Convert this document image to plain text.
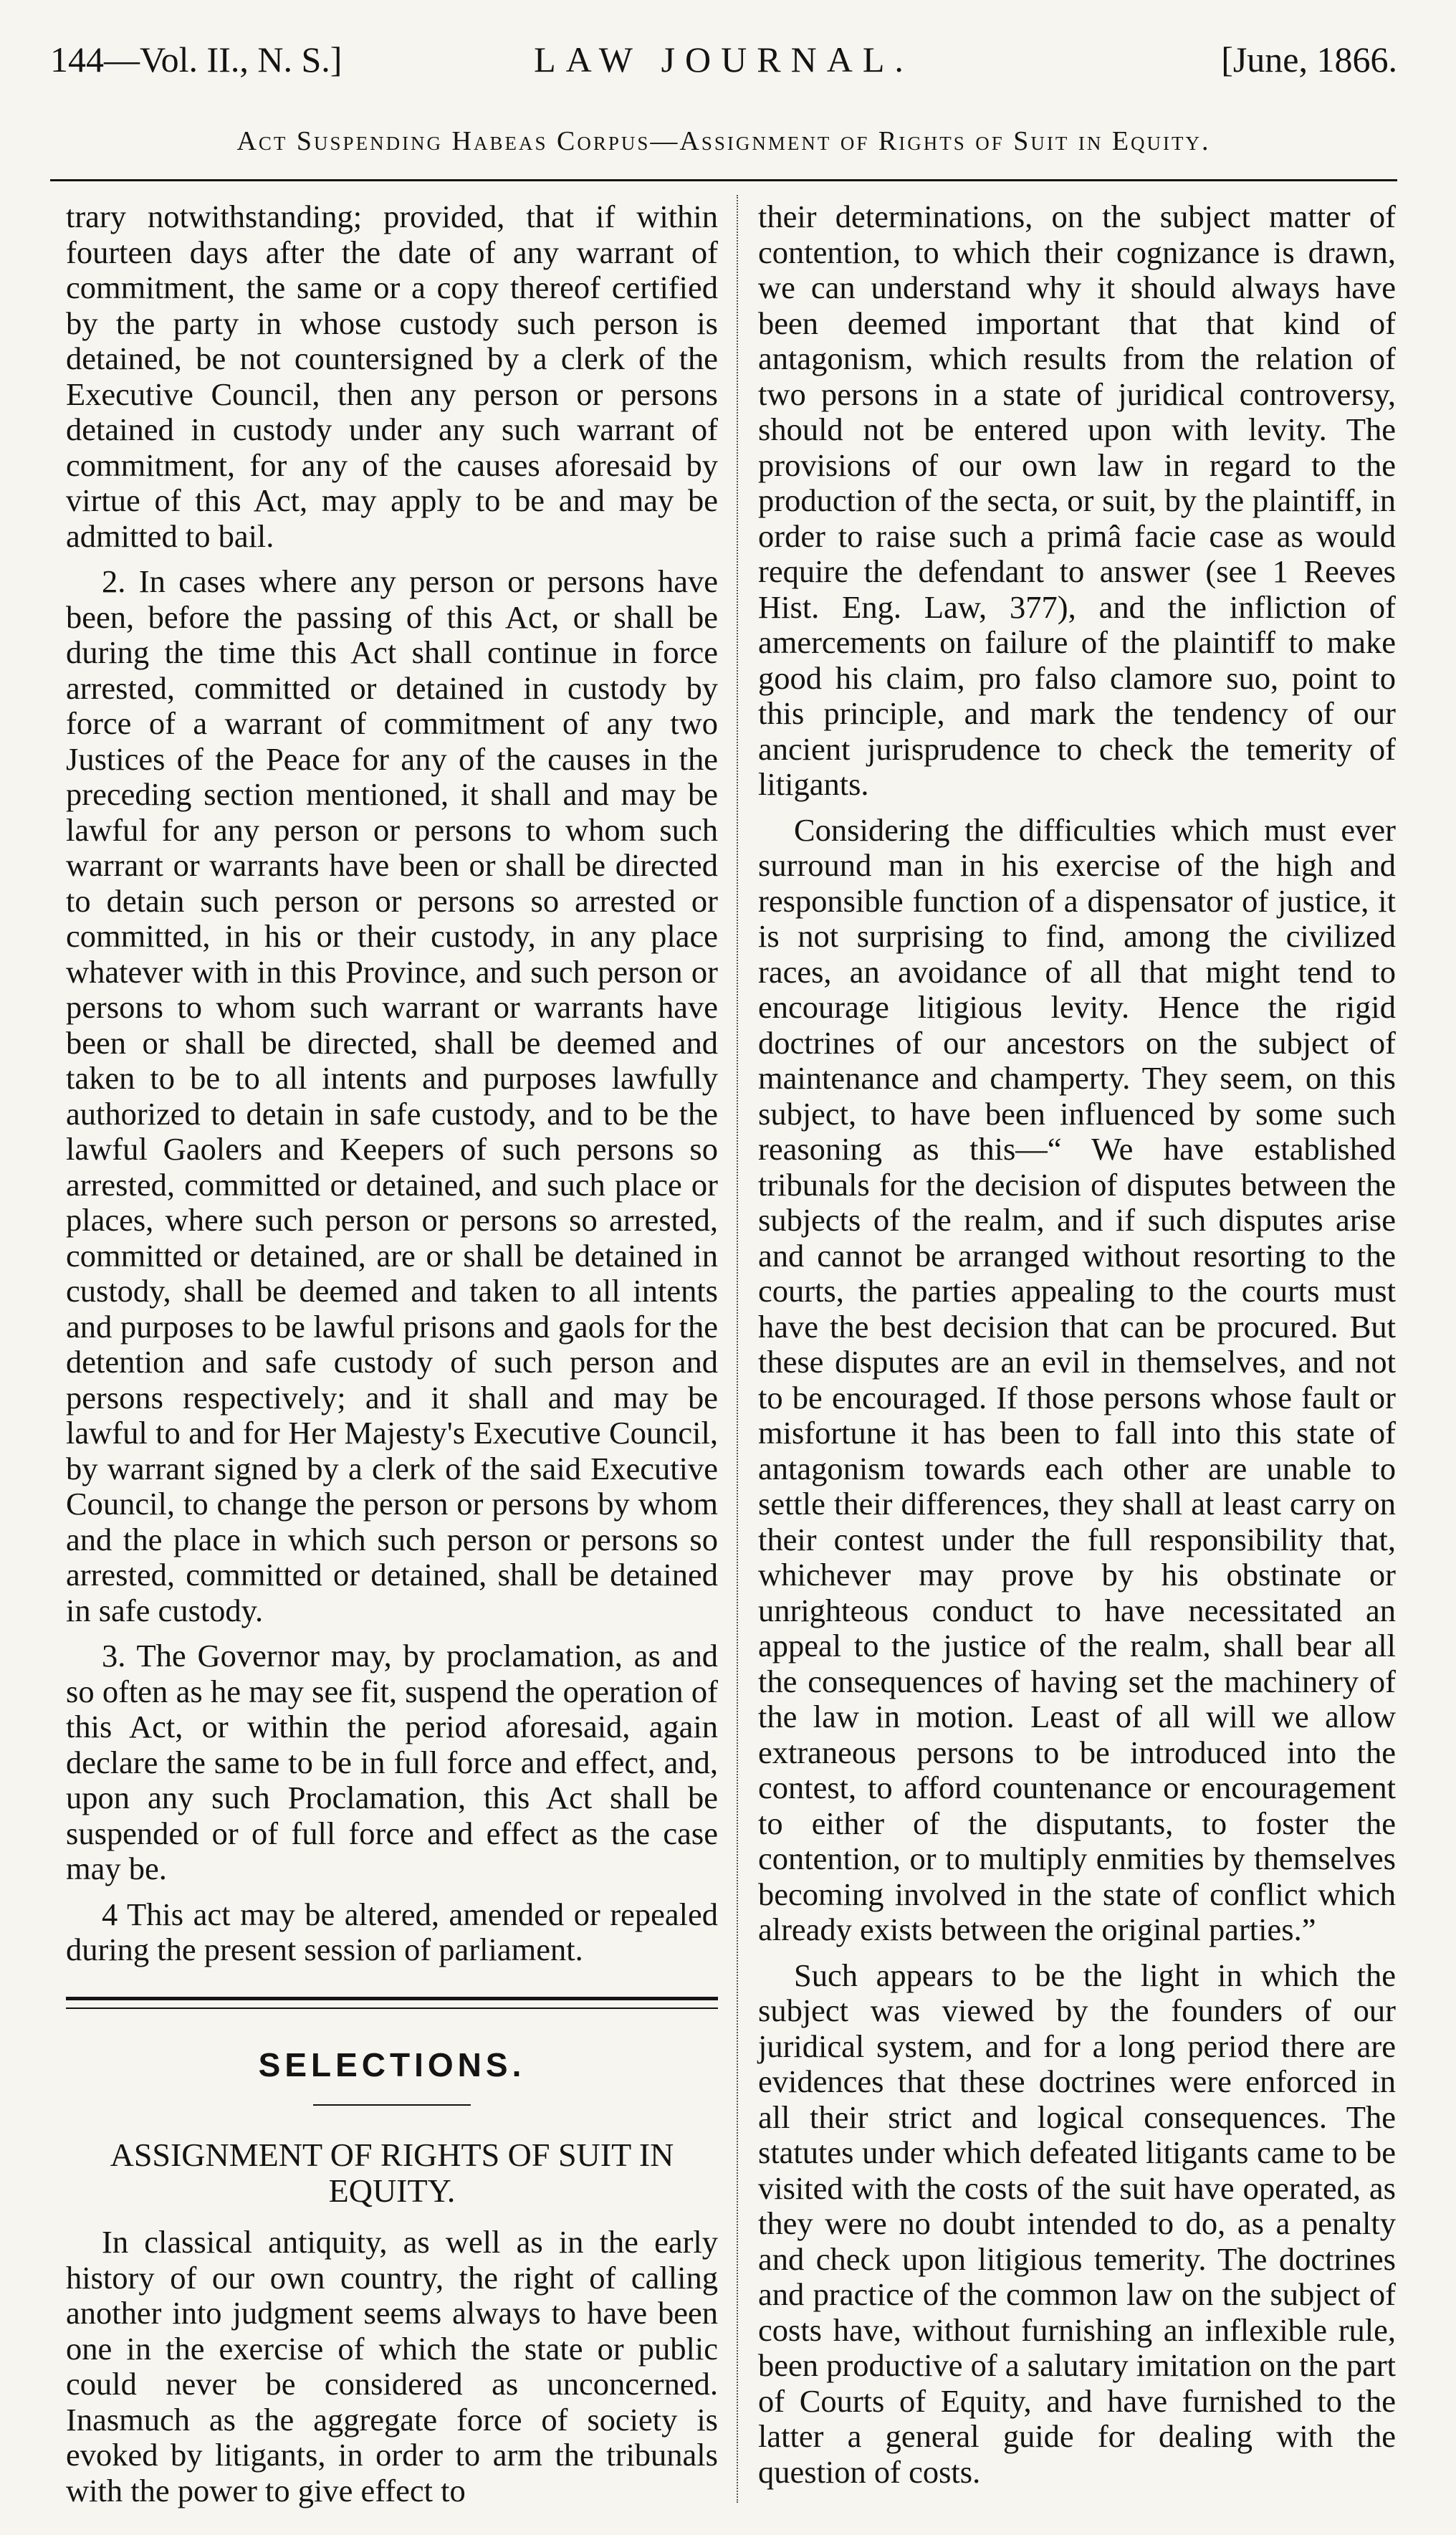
144—Vol. II., N. S.]	LAW JOURNAL.	[June, 1866.
Act Suspending Habeas Corpus—Assignment of Rights of Suit in Equity.

trary notwithstanding; provided, that if within fourteen days after the date of any warrant of commitment, the same or a copy thereof certified by the party in whose custody such person is detained, be not countersigned by a clerk of the Executive Council, then any person or persons detained in custody under any such warrant of commitment, for any of the causes aforesaid by virtue of this Act, may apply to be and may be admitted to bail.

2. In cases where any person or persons have been, before the passing of this Act, or shall be during the time this Act shall continue in force arrested, committed or detained in custody by force of a warrant of commitment of any two Justices of the Peace for any of the causes in the preceding section mentioned, it shall and may be lawful for any person or persons to whom such warrant or warrants have been or shall be directed to detain such person or persons so arrested or committed, in his or their custody, in any place whatever with in this Province, and such person or persons to whom such warrant or warrants have been or shall be directed, shall be deemed and taken to be to all intents and purposes lawfully authorized to detain in safe custody, and to be the lawful Gaolers and Keepers of such persons so arrested, committed or detained, and such place or places, where such person or persons so arrested, committed or detained, are or shall be detained in custody, shall be deemed and taken to all intents and purposes to be lawful prisons and gaols for the detention and safe custody of such person and persons respectively; and it shall and may be lawful to and for Her Majesty's Executive Council, by warrant signed by a clerk of the said Executive Council, to change the person or persons by whom and the place in which such person or persons so arrested, committed or detained, shall be detained in safe custody.

3. The Governor may, by proclamation, as and so often as he may see fit, suspend the operation of this Act, or within the period aforesaid, again declare the same to be in full force and effect, and, upon any such Proclamation, this Act shall be suspended or of full force and effect as the case may be.

4 This act may be altered, amended or repealed during the present session of parliament.

SELECTIONS.
ASSIGNMENT OF RIGHTS OF SUIT IN EQUITY.

In classical antiquity, as well as in the early history of our own country, the right of calling another into judgment seems always to have been one in the exercise of which the state or public could never be considered as unconcerned. Inasmuch as the aggregate force of society is evoked by litigants, in order to arm the tribunals with the power to give effect to

their determinations, on the subject matter of contention, to which their cognizance is drawn, we can understand why it should always have been deemed important that that kind of antagonism, which results from the relation of two persons in a state of juridical controversy, should not be entered upon with levity. The provisions of our own law in regard to the production of the secta, or suit, by the plaintiff, in order to raise such a primâ facie case as would require the defendant to answer (see 1 Reeves Hist. Eng. Law, 377), and the infliction of amercements on failure of the plaintiff to make good his claim, pro falso clamore suo, point to this principle, and mark the tendency of our ancient jurisprudence to check the temerity of litigants.

Considering the difficulties which must ever surround man in his exercise of the high and responsible function of a dispensator of justice, it is not surprising to find, among the civilized races, an avoidance of all that might tend to encourage litigious levity. Hence the rigid doctrines of our ancestors on the subject of maintenance and champerty. They seem, on this subject, to have been influenced by some such reasoning as this—“ We have established tribunals for the decision of disputes between the subjects of the realm, and if such disputes arise and cannot be arranged without resorting to the courts, the parties appealing to the courts must have the best decision that can be procured. But these disputes are an evil in themselves, and not to be encouraged. If those persons whose fault or misfortune it has been to fall into this state of antagonism towards each other are unable to settle their differences, they shall at least carry on their contest under the full responsibility that, whichever may prove by his obstinate or unrighteous conduct to have necessitated an appeal to the justice of the realm, shall bear all the consequences of having set the machinery of the law in motion. Least of all will we allow extraneous persons to be introduced into the contest, to afford countenance or encouragement to either of the disputants, to foster the contention, or to multiply enmities by themselves becoming involved in the state of conflict which already exists between the original parties.”

Such appears to be the light in which the subject was viewed by the founders of our juridical system, and for a long period there are evidences that these doctrines were enforced in all their strict and logical consequences. The statutes under which defeated litigants came to be visited with the costs of the suit have operated, as they were no doubt intended to do, as a penalty and check upon litigious temerity. The doctrines and practice of the common law on the subject of costs have, without furnishing an inflexible rule, been productive of a salutary imitation on the part of Courts of Equity, and have furnished to the latter a general guide for dealing with the question of costs.
